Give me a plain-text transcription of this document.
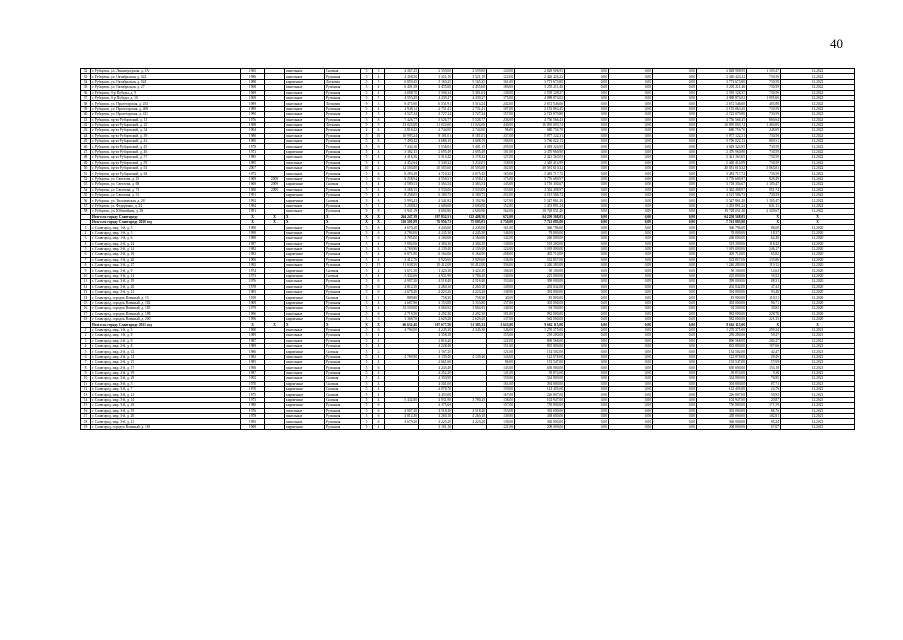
40
32	г. Рубцовск, ул. Ленинградская, д. 1А	1965		панельные	Скатная	5	3	4 367,25	2 559,00	2 559,00	120,00	2 828 908,95	0,00	0,00	0,00	2 828 908,95	1 105,47	12.2022
33	г. Рубцовск, ул. Октябрьская, д. 022	1986		панельные	Рулонная	5	4	4 458,50	3 321,19	3 321,19	122,00	2 426 424,22	0,00	0,00	0,00	2 426 424,22	730,59	12.2022
34	г. Рубцовск, ул. Октябрьская, д. 024	1988		кирпичные	Лотковая	5	5	6 859,45	5 165,25	5 165,25	161,00	3 773 673,80	0,00	0,00	0,00	3 773 673,80	730,59	12.2022
35	г. Рубцовск, ул. Октябрьская, д. 27	1968		панельные	Рулонная	5	4	6 401,58	4 455,60	4 455,60	186,00	3 255 211,46	0,00	0,00	0,00	3 255 211,46	730,59	12.2022
36	г. Рубцовск, б-р Победы, д. 9	1969		панельные	Рулонная	5	4	4 698,70	3 506,34	3 381,04	138,00	2 559 128,37	0,00	0,00	0,00	2 559 128,37	730,59	12.2022
37	г. Рубцовск, б-р Победы, д. 10	1969		панельные	Рулонная	5	5	4 553,29	4 439,27	4 439,27	175,00	4 988 874,02	0,00	0,00	0,00	4 988 874,02	1 095,66	12.2022
38	г. Рубцовск, ул. Пролетарская, д. 254	1989		панельные	Лотковая	9	3	8 475,00	6 531,91	5 514,24	242,00	2 672 546,60	0,00	0,00	0,00	2 672 546,60	405,88	12.2022
39	г. Рубцовск, ул. Пролетарская, д. 409	1989		панельные	Рулонная	5	4	2 948,12	2 731,41	2 731,41	107,00	2 153 863,45	0,00	0,00	0,00	2 153 863,45	730,59	12.2022
40	г. Рубцовск, ул. Пролетарская, д. 411	1990		панельные	Рулонная	5	5	4 527,24	3 727,24	3 727,24	157,00	2 723 079,80	0,00	0,00	0,00	2 723 079,80	730,59	12.2022
41	г. Рубцовск, пр-кт Рубцовский, д. 13	1976		панельные	Рулонная	5	8	7 426,77	5 526,77	5 526,77	236,00	4 756 566,45	0,00	0,00	0,00	4 756 566,45	860,64	12.2022
42	г. Рубцовск, пр-кт Рубцовский, д. 25	1988		панельные	Лотковая	9	5	13 025,00	11 024,00	11 024,00	440,00	16 095 003,74	0,00	0,00	0,00	16 095 003,74	1 460,00	12.2022
43	г. Рубцовск, пр-кт Рубцовский, д. 34	1964		панельные	Рулонная	4	4	2 818,42	2 744,00	2 744,00	96,00	680 756,70	0,00	0,00	0,00	680 756,70	248,09	12.2022
44	г. Рубцовск, пр-кт Рубцовский, д. 39	1980		панельные	Рулонная	5	10	10 993,24	8 181,01	8 181,01	337,00	5 977 122,31	0,00	0,00	0,00	5 977 122,31	730,59	12.2022
45	г. Рубцовск, пр-кт Рубцовский, д. 43	1980		панельные	Рулонная	5	6	7 490,42	4 688,19	4 688,19	196,00	3 796 022,13	0,00	0,00	0,00	3 796 022,13	809,51	12.2022
46	г. Рубцовск, пр-кт Рубцовский, д. 45	1978		панельные	Рулонная	5	6	7 443,16	5 538,03	5 491,15	205,00	4 049 324,95	0,00	0,00	0,00	4 049 324,95	730,59	12.2022
47	г. Рубцовск, пр-кт Рубцовский, д. 46	1972		кирпичные	Рулонная	5	4	3 382,15	2 695,49	2 695,49	101,00	2 470 960,90	0,00	0,00	0,00	2 470 960,90	730,59	12.2022
48	г. Рубцовск, пр-кт Рубцовский, д. 57	1985		панельные	Рулонная	5	4	4 416,36	3 314,42	3 178,22	127,00	2 421 363,05	0,00	0,00	0,00	2 421 363,05	730,59	12.2022
49	г. Рубцовск, пр-кт Рубцовский, д. 59	1985		панельные	Рулонная	5	4	4 452,64	3 340,32	3 232,01	138,00	2 440 414,99	0,00	0,00	0,00	2 440 414,99	730,59	12.2022
50	г. Рубцовск, пр-кт Рубцовский, д. 61	2007		панельные	Рулонная	10	2	12 503,00	10 503,00	10 503,00	162,00	40 581 610,32	0,00	0,00	0,00	40 581 610,32	3 863,81	12.2022
51	г. Рубцовск, пр-кт Рубцовский, д. 64	1973		панельные	Рулонная	5	6	6 293,49	4 719,22	4 675,45	165,00	3 483 717,72	0,00	0,00	0,00	3 483 717,72	730,59	12.2022
52	г. Рубцовск, ул. Светлова, д. 15	1969	2009	панельные	Рулонная	5	6	6 258,94	4 558,51	4 558,51	175,00	3 776 680,97	0,00	0,00	0,00	3 776 680,97	828,49	12.2022
53	г. Рубцовск, ул. Светлова, д. 68	1969	2009	кирпичные	Скатная	5	4	4 589,53	3 363,54	3 363,54	143,00	3 718 304,67	0,00	0,00	0,00	3 718 304,67	1 105,47	12.2022
54	г. Рубцовск, ул. Светлова, д. 74	1968	2009	панельные	Рулонная	5	4	5 268,15	3 533,00	3 533,00	153,00	3 362 498,97	0,00	0,00	0,00	3 362 498,97	951,74	12.2022
55	г. Рубцовск, ул. Светлова, д. 31	1991		кирпичные	Рулонная	5	4	8 258,05	6 180,75	6 180,75	252,00	4 515 586,73	0,00	0,00	0,00	4 515 586,73	730,59	12.2022
56	г. Рубцовск, ул. Тихоновская, д. 28	1992		кирпичные	Скатная	5	6	5 993,23	4 341,82	3 192,96	127,00	5 347 861,20	0,00	0,00	0,00	5 347 861,20	1 105,47	12.2022
57	г. Рубцовск, ул. Федоренко, д. 24	1984		панельные	Рулонная	5	3	3 258,82	2 600,00	2 600,00	152,00	1 453 891,24	0,00	0,00	0,00	1 453 891,24	641,13	12.2022
58	г. Рубцовск, ул. Юбилейная, д. 38	1991		панельные	Рулонная	9	8	5 941,19	4 604,96	4 604,96	162,00	10 728 031,40	0,00	0,00	0,00	10 728 031,40	2 329,67	12.2022
	Итого по городу Славгороду	X	X	X	X	X	X	264 247,39	197 852,51	125 408,56	672,00	64 250 568,05	0,00	0,00	0,00	64 250 568,05	X	X
	Итого по городу Славгороду 2020 год	X	X	X	X	X	X	116 501,89	76 956,73	75 805,03	2 730,00	7 741 085,00	0,00	0,00	0,00	7 741 085,00	X	X
1	г. Славгород, мкр. 1-й, д. 3	1990		панельные	Рулонная	5	6	4 670,20	4 245,00	4 245,00	161,00	366 796,00	0,00	0,00	0,00	366 796,00	86,00	12.2020
2	г. Славгород, мкр. 1-й, д. 5	1990		панельные	Рулонная	5	6	4 794,00	4 245,30	4 245,30	146,00	78 000,00	0,00	0,00	0,00	78 000,00	18,37	12.2020
3	г. Славгород, мкр. 1-й, д. 6	1988		панельные	Рулонная	5	6	4 785,00	4 160,60	4 160,60	142,00	260 000,00	0,00	0,00	0,00	260 000,00	62,49	12.2020
4	г. Славгород, мкр. 2-й, д. 24	1987		панельные	Рулонная	5	4	5 892,00	4 384,30	4 384,30	138,00	519 200,00	0,00	0,00	0,00	519 200,00	118,42	12.2020
5	г. Славгород, мкр. 2-й, д. 14	1982		панельные	Рулонная	5	4	4 769,90	4 139,40	4 139,40	124,00	1 019 000,00	0,00	0,00	0,00	1 019 000,00	246,17	12.2020
6	г. Славгород, мкр. 2-й, д. 18	1983		кирпичные	Рулонная	5	4	6 871,80	6 164,00	6 164,00	208,00	405 710,00	0,00	0,00	0,00	405 710,00	65,82	12.2020
7	г. Славгород, мкр. 3-й, д. 26	1990		кирпичные	Рулонная	5	4	4 412,70	3 929,60	3 929,60	136,00	533 857,00	0,00	0,00	0,00	533 857,00	135,86	12.2020
8	г. Славгород, мкр. 3-й, д. 27	1992		панельные	Рулонная	5	15	11 638,50	10 412,00	10 412,00	356,00	1 240 280,00	0,00	0,00	0,00	1 240 280,00	119,12	12.2020
9	г. Славгород, мкр. 3-й, д. 9	1974		кирпичные	Скатная	5	4	3 671,50	3 424,30	3 424,30	106,00	50 100,00	0,00	0,00	0,00	50 100,00	14,63	12.2020
10	г. Славгород, мкр. 3-й, д. 14	1973		кирпичные	Скатная	5	4	5 432,00	4 931,90	3 780,20	138,00	225 000,00	0,00	0,00	0,00	225 000,00	59,52	12.2020
11	г. Славгород, мкр. 3-й, д. 19	1976		панельные	Рулонная	5	6	4 907,20	4 518,40	4 518,40	153,00	399 000,00	0,00	0,00	0,00	399 000,00	88,31	12.2020
12	г. Славгород, мкр. 3-й, д. 20	1978		панельные	Рулонная	5	6	4 812,30	4 260,10	4 260,10	149,00	202 042,00	0,00	0,00	0,00	202 042,00	47,43	12.2020
13	г. Славгород, мкр. 3-й, д. 21	1983		панельные	Рулонная	5	6	4 679,20	4 223,20	4 223,20	138,00	394 800,00	0,00	0,00	0,00	394 800,00	93,48	12.2020
14	г. Славгород, городок Военный, д. 15	1939		кирпичные	Скатная	2	1	889,80	758,30	758,30	40,00	83 800,00	0,00	0,00	0,00	83 800,00	110,51	12.2020
15	г. Славгород, городок Военный, д. 182	1969		кирпичные	Рулонная	5	4	3 687,80	3 153,80	3 153,80	157,00	303 000,00	0,00	0,00	0,00	303 000,00	96,71	12.2020
16	г. Славгород, городок Военный, д. 185	1979		кирпичные	Рулонная	5	4	33 550,00	3 064,93	3 064,93	140,00	94 500,00	0,00	0,00	0,00	94 500,00	30,83	12.2020
17	г. Славгород, городок Военный, д. 188	1996		панельные	Рулонная	5	6	4 719,50	4 292,30	4 292,30	181,00	982 000,00	0,00	0,00	0,00	982 000,00	228,78	12.2020
18	г. Славгород, городок Военный, д. 200	1996		кирпичные	Рулонная	5	3	3 368,70	2 629,20	2 629,20	137,00	582 000,00	0,00	0,00	0,00	582 000,00	221,35	12.2020
	Итого по городу Славгороду 2021 год	X	X	X	X	X	X	66 632,40	107 677,58	31 385,33	3 623,00	9 662 115,00	0,00	0,00	0,00	9 662 115,00	X	X
1	г. Славгород, мкр. 1-й, д. 5	1990		панельные	Рулонная	5	6	4 794,00	4 245,30	4 245,30	146,00	1 270 375,00	0,00	0,00	0,00	1 270 375,00	299,24	12.2021
2	г. Славгород, мкр. 1-й, д. 8	1989		панельные	Рулонная	5	4		4 358,30		153,00	259 200,00	0,00	0,00	0,00	259 200,00	59,47	12.2021
3	г. Славгород, мкр. 2-й, д. 6	1987		панельные	Рулонная	5	4		2 816,20		122,00	800 568,00	0,00	0,00	0,00	800 568,00	284,27	12.2021
4	г. Славгород, мкр. 2-й, д. 8	1989		панельные	Рулонная	5	4		4 228,40		151,00	835 800,00	0,00	0,00	0,00	835 800,00	197,66	12.2021
5	г. Славгород, мкр. 2-й, д. 12	1986		кирпичные	Скатная	5	2		3 167,25		121,00	134 502,00	0,00	0,00	0,00	134 502,00	42,47	12.2021
6	г. Славгород, мкр. 2-й, д. 14	1982		панельные	Рулонная	5	4	4 769,90	4 139,40	4 139,40	124,00	122 078,00	0,00	0,00	0,00	122 078,00	29,49	12.2021
7	г. Славгород, мкр. 2-й, д. 15	1985		панельные	Рулонная	5	4		2 661,60		86,00	153 547,00	0,00	0,00	0,00	153 547,00	57,69	12.2021
8	г. Славгород, мкр. 2-й, д. 17	1990		панельные	Рулонная	5	6		4 243,40		145,00	650 000,00	0,00	0,00	0,00	650 000,00	153,18	12.2021
9	г. Славгород, мкр. 2-й, д. 19	1987		панельные	Рулонная	5	4		4 252,20		141,00	39 874,00	0,00	0,00	0,00	39 874,00	9,38	12.2021
10	г. Славгород, мкр. 3-й, д. 29	1992		панельные	Скатная	5	4		4 350,90		159,00	334 800,00	0,00	0,00	0,00	334 800,00	76,95	12.2021
11	г. Славгород, мкр. 3-й, д. 5	1970		кирпичные	Скатная	5	4		4 501,00		161,00	394 800,00	0,00	0,00	0,00	394 800,00	87,71	12.2021
12	г. Славгород, мкр. 3-й, д. 7	1970		кирпичные	Скатная	5	4		4 978,70		159,00	123 405,00	0,00	0,00	0,00	123 405,00	24,79	12.2021
13	г. Славгород, мкр. 3-й, д. 12	1975		кирпичные	Скатная	5	4		4 453,00		167,00	226 807,00	0,00	0,00	0,00	226 807,00	50,93	12.2021
14	г. Славгород, мкр. 3-й, д. 14	1973		кирпичные	Скатная	5	4	5 432,00	4 931,90	3 780,20	138,00	102 947,00	0,00	0,00	0,00	102 947,00	20,87	12.2021
15	г. Славгород, мкр. 3-й, д. 18	1980		кирпичные	Рулонная	5	6		4 375,60		157,00	750 800,00	0,00	0,00	0,00	750 800,00	171,59	12.2021
16	г. Славгород, мкр. 3-й, д. 19	1976		панельные	Рулонная	5	6	4 907,20	4 518,40	4 518,40	153,00	392 000,00	0,00	0,00	0,00	392 000,00	86,76	12.2021
17	г. Славгород, мкр. 3-й, д. 20	1978		панельные	Рулонная	5	6	4 812,30	4 260,10	4 260,10	149,00	438 000,00	0,00	0,00	0,00	438 000,00	102,81	12.2021
18	г. Славгород, мкр. 3-й, д. 21	1983		панельные	Рулонная	5	6	4 679,20	4 223,20	4 223,20	138,00	360 000,00	0,00	0,00	0,00	360 000,00	85,24	12.2021
19	г. Славгород, городок Военный, д. 181	1968		кирпичные	Рулонная	5	4		3 101,10		121,00	208 000,00	0,00	0,00	0,00	208 000,00	67,07	12.2021
